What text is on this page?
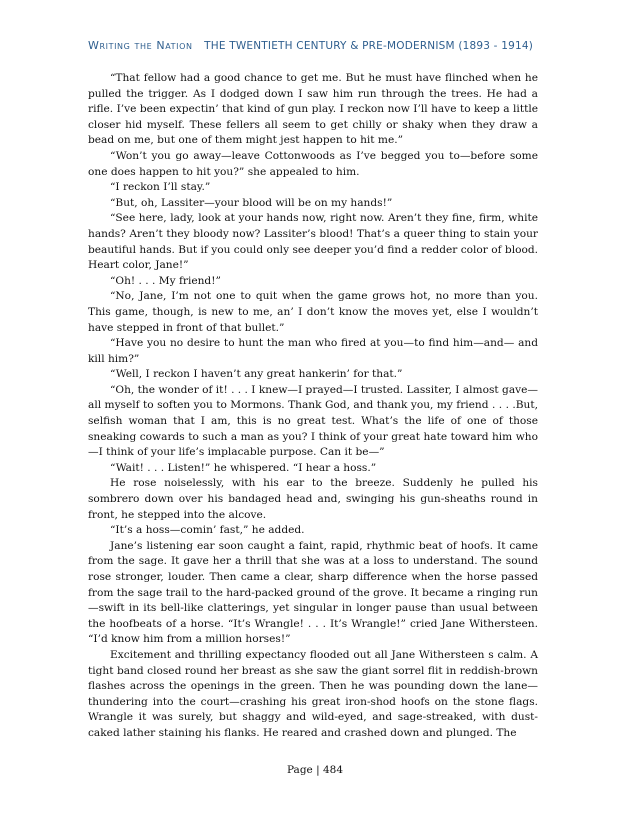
Writing the Nation THE TWENTIETH CENTURY & PRE-MODERNISM (1893 - 1914)

“That fellow had a good chance to get me. But he must have flinched when he pulled the trigger. As I dodged down I saw him run through the trees. He had a rifle. I’ve been expectin’ that kind of gun play. I reckon now I’ll have to keep a little closer hid myself. These fellers all seem to get chilly or shaky when they draw a bead on me, but one of them might jest happen to hit me.”

“Won’t you go away—leave Cottonwoods as I’ve begged you to—before some one does happen to hit you?” she appealed to him.

“I reckon I’ll stay.”

“But, oh, Lassiter—your blood will be on my hands!”

“See here, lady, look at your hands now, right now. Aren’t they fine, firm, white hands? Aren’t they bloody now? Lassiter’s blood! That’s a queer thing to stain your beautiful hands. But if you could only see deeper you’d find a redder color of blood. Heart color, Jane!”

“Oh! . . . My friend!”

“No, Jane, I’m not one to quit when the game grows hot, no more than you. This game, though, is new to me, an’ I don’t know the moves yet, else I wouldn’t have stepped in front of that bullet.”

“Have you no desire to hunt the man who fired at you—to find him—and— and kill him?”

“Well, I reckon I haven’t any great hankerin’ for that.”

“Oh, the wonder of it! . . . I knew—I prayed—I trusted. Lassiter, I almost gave—all myself to soften you to Mormons. Thank God, and thank you, my friend . . . .But, selfish woman that I am, this is no great test. What’s the life of one of those sneaking cowards to such a man as you? I think of your great hate toward him who—I think of your life’s implacable purpose. Can it be—”

“Wait! . . . Listen!” he whispered. “I hear a hoss.”

He rose noiselessly, with his ear to the breeze. Suddenly he pulled his sombrero down over his bandaged head and, swinging his gun-sheaths round in front, he stepped into the alcove.

“It’s a hoss—comin’ fast,” he added.

Jane’s listening ear soon caught a faint, rapid, rhythmic beat of hoofs. It came from the sage. It gave her a thrill that she was at a loss to understand. The sound rose stronger, louder. Then came a clear, sharp difference when the horse passed from the sage trail to the hard-packed ground of the grove. It became a ringing run—swift in its bell-like clatterings, yet singular in longer pause than usual between the hoofbeats of a horse. “It’s Wrangle! . . . It’s Wrangle!” cried Jane Withersteen. “I’d know him from a million horses!”

Excitement and thrilling expectancy flooded out all Jane Withersteen s calm. A tight band closed round her breast as she saw the giant sorrel flit in reddish-brown flashes across the openings in the green. Then he was pounding down the lane—thundering into the court—crashing his great iron-shod hoofs on the stone flags. Wrangle it was surely, but shaggy and wild-eyed, and sage-streaked, with dust-caked lather staining his flanks. He reared and crashed down and plunged. The

Page | 484
